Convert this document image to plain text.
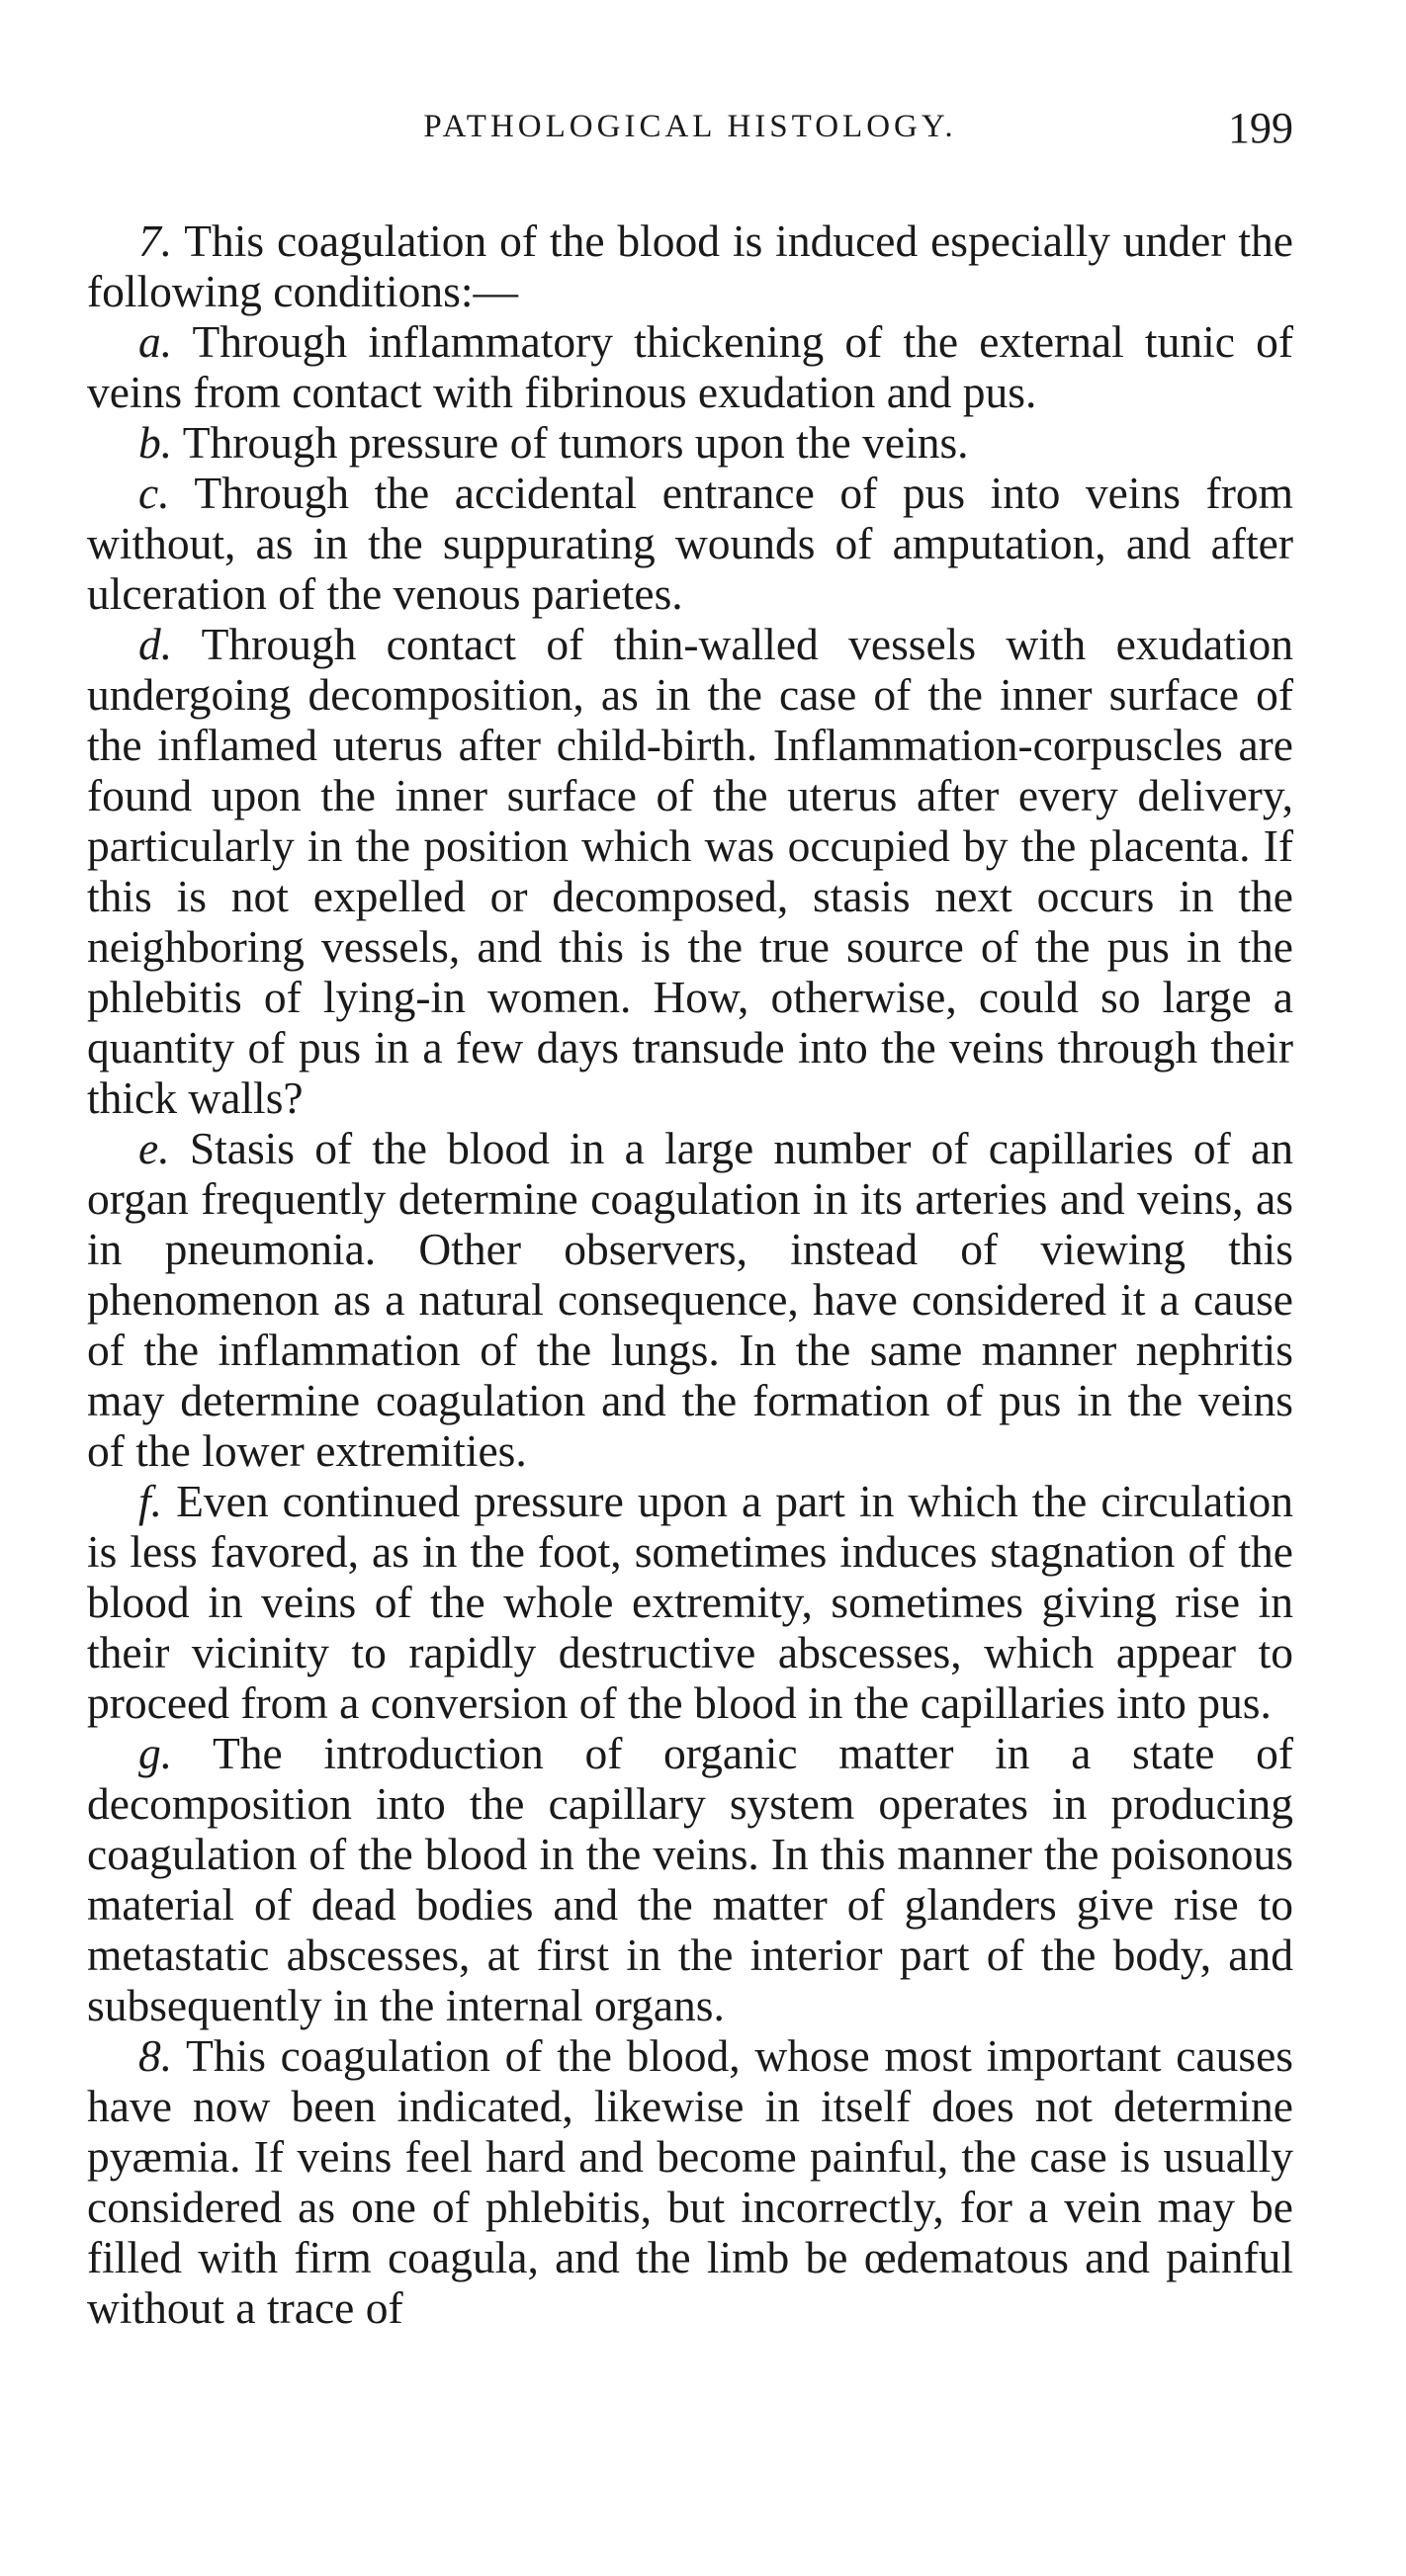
PATHOLOGICAL HISTOLOGY.	199

7. This coagulation of the blood is induced especially under the following conditions:—

a. Through inflammatory thickening of the external tunic of veins from contact with fibrinous exudation and pus.

b. Through pressure of tumors upon the veins.

c. Through the accidental entrance of pus into veins from without, as in the suppurating wounds of amputation, and after ulceration of the venous parietes.

d. Through contact of thin-walled vessels with exudation undergoing decomposition, as in the case of the inner surface of the inflamed uterus after child-birth. Inflammation-corpuscles are found upon the inner surface of the uterus after every delivery, particularly in the position which was occupied by the placenta. If this is not expelled or decomposed, stasis next occurs in the neighboring vessels, and this is the true source of the pus in the phlebitis of lying-in women. How, otherwise, could so large a quantity of pus in a few days transude into the veins through their thick walls?

e. Stasis of the blood in a large number of capillaries of an organ frequently determine coagulation in its arteries and veins, as in pneumonia. Other observers, instead of viewing this phenomenon as a natural consequence, have considered it a cause of the inflammation of the lungs. In the same manner nephritis may determine coagulation and the formation of pus in the veins of the lower extremities.

f. Even continued pressure upon a part in which the circulation is less favored, as in the foot, sometimes induces stagnation of the blood in veins of the whole extremity, sometimes giving rise in their vicinity to rapidly destructive abscesses, which appear to proceed from a conversion of the blood in the capillaries into pus.

g. The introduction of organic matter in a state of decomposition into the capillary system operates in producing coagulation of the blood in the veins. In this manner the poisonous material of dead bodies and the matter of glanders give rise to metastatic abscesses, at first in the interior part of the body, and subsequently in the internal organs.

8. This coagulation of the blood, whose most important causes have now been indicated, likewise in itself does not determine pyæmia. If veins feel hard and become painful, the case is usually considered as one of phlebitis, but incorrectly, for a vein may be filled with firm coagula, and the limb be œdematous and painful without a trace of
